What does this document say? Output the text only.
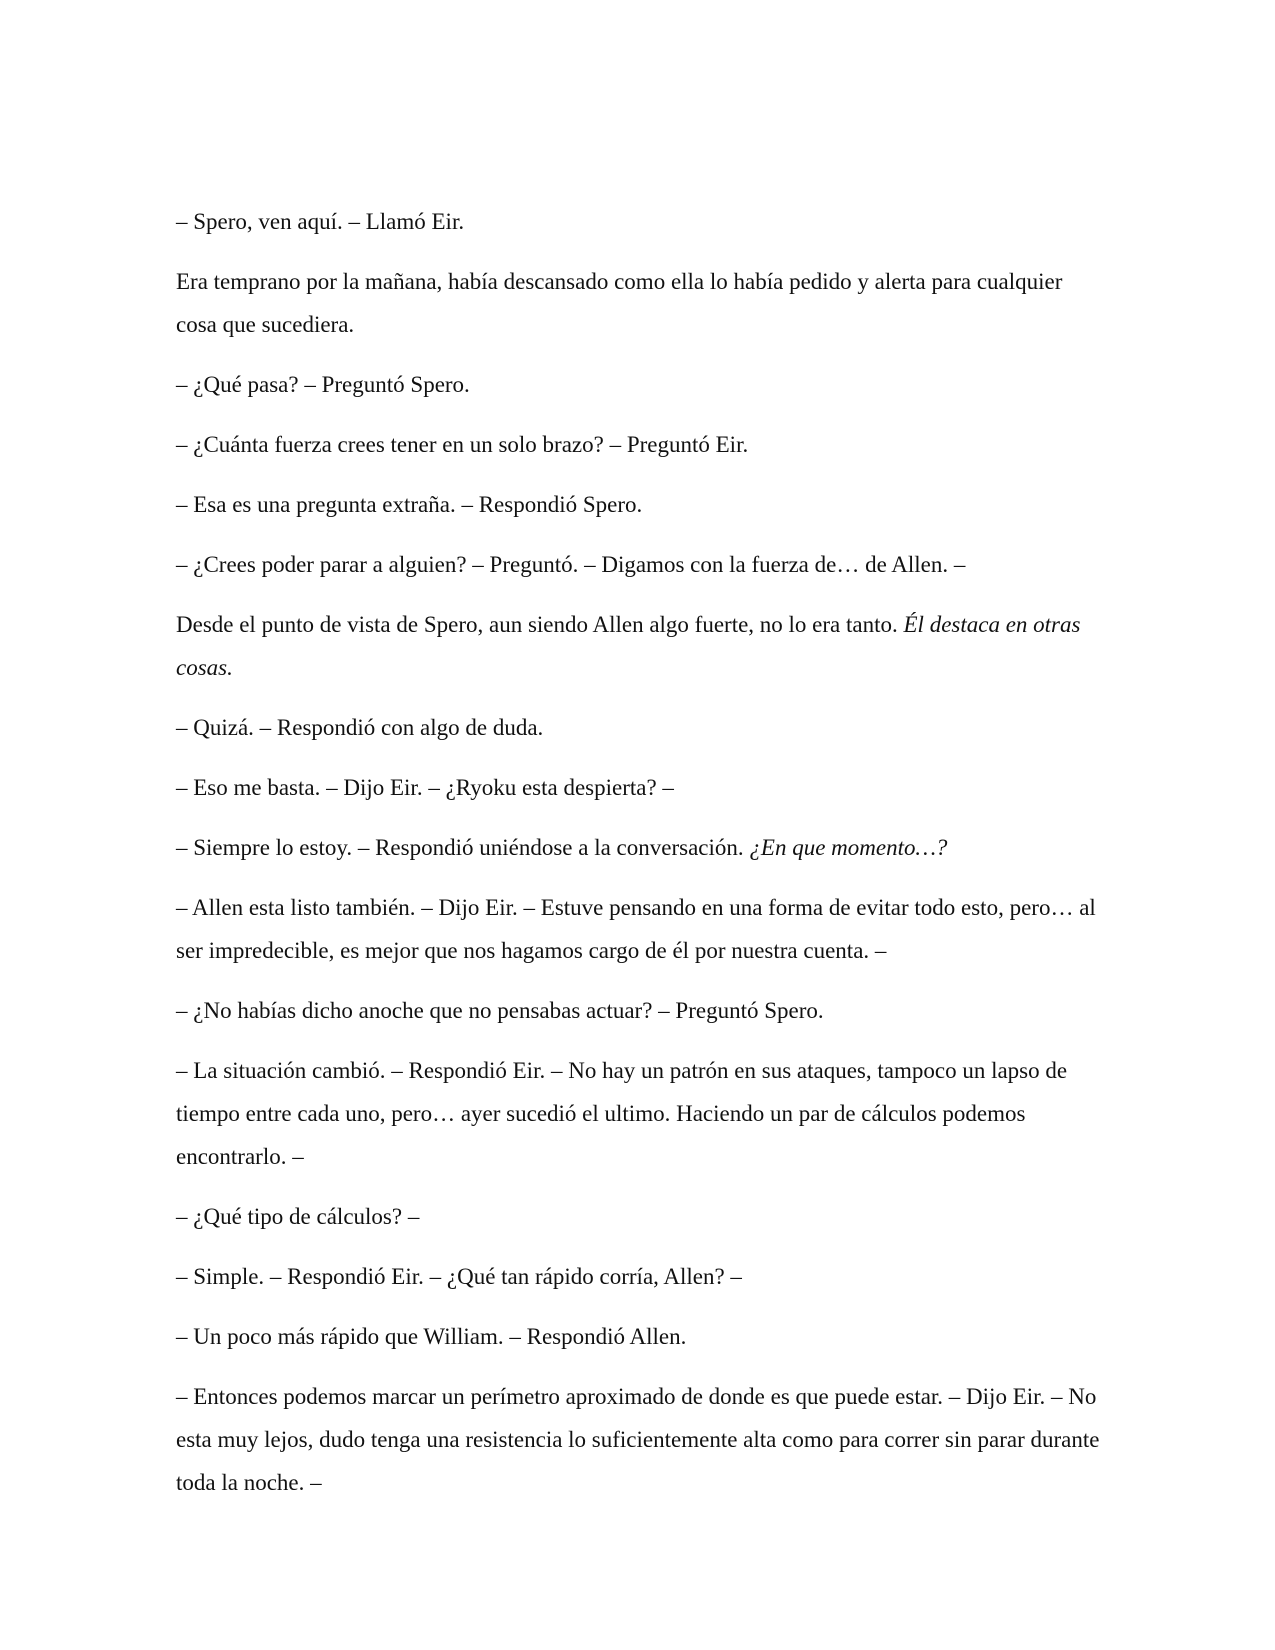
– Spero, ven aquí. – Llamó Eir.

Era temprano por la mañana, había descansado como ella lo había pedido y alerta para cualquier cosa que sucediera.

– ¿Qué pasa? – Preguntó Spero.

– ¿Cuánta fuerza crees tener en un solo brazo? – Preguntó Eir.

– Esa es una pregunta extraña. – Respondió Spero.

– ¿Crees poder parar a alguien? – Preguntó. – Digamos con la fuerza de… de Allen. –

Desde el punto de vista de Spero, aun siendo Allen algo fuerte, no lo era tanto. Él destaca en otras cosas.

– Quizá. – Respondió con algo de duda.

– Eso me basta. – Dijo Eir. – ¿Ryoku esta despierta? –

– Siempre lo estoy. – Respondió uniéndose a la conversación. ¿En que momento…?

– Allen esta listo también. – Dijo Eir. – Estuve pensando en una forma de evitar todo esto, pero… al ser impredecible, es mejor que nos hagamos cargo de él por nuestra cuenta. –

– ¿No habías dicho anoche que no pensabas actuar? – Preguntó Spero.

– La situación cambió. – Respondió Eir. – No hay un patrón en sus ataques, tampoco un lapso de tiempo entre cada uno, pero… ayer sucedió el ultimo. Haciendo un par de cálculos podemos encontrarlo. –

– ¿Qué tipo de cálculos? –

– Simple. – Respondió Eir. – ¿Qué tan rápido corría, Allen? –

– Un poco más rápido que William. – Respondió Allen.

– Entonces podemos marcar un perímetro aproximado de donde es que puede estar. – Dijo Eir. – No esta muy lejos, dudo tenga una resistencia lo suficientemente alta como para correr sin parar durante toda la noche. –
